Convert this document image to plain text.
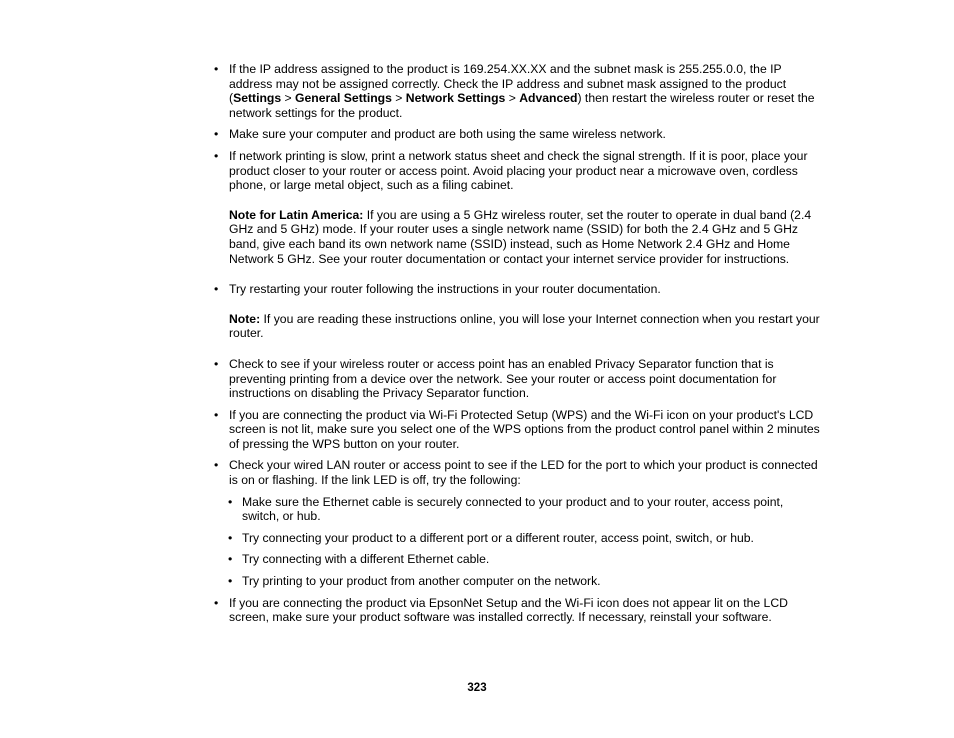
• If the IP address assigned to the product is 169.254.XX.XX and the subnet mask is 255.255.0.0, the IP address may not be assigned correctly. Check the IP address and subnet mask assigned to the product (Settings > General Settings > Network Settings > Advanced) then restart the wireless router or reset the network settings for the product.
• Make sure your computer and product are both using the same wireless network.
• If network printing is slow, print a network status sheet and check the signal strength. If it is poor, place your product closer to your router or access point. Avoid placing your product near a microwave oven, cordless phone, or large metal object, such as a filing cabinet.
Note for Latin America: If you are using a 5 GHz wireless router, set the router to operate in dual band (2.4 GHz and 5 GHz) mode. If your router uses a single network name (SSID) for both the 2.4 GHz and 5 GHz band, give each band its own network name (SSID) instead, such as Home Network 2.4 GHz and Home Network 5 GHz. See your router documentation or contact your internet service provider for instructions.
• Try restarting your router following the instructions in your router documentation.
Note: If you are reading these instructions online, you will lose your Internet connection when you restart your router.
• Check to see if your wireless router or access point has an enabled Privacy Separator function that is preventing printing from a device over the network. See your router or access point documentation for instructions on disabling the Privacy Separator function.
• If you are connecting the product via Wi-Fi Protected Setup (WPS) and the Wi-Fi icon on your product's LCD screen is not lit, make sure you select one of the WPS options from the product control panel within 2 minutes of pressing the WPS button on your router.
• Check your wired LAN router or access point to see if the LED for the port to which your product is connected is on or flashing. If the link LED is off, try the following:
• Make sure the Ethernet cable is securely connected to your product and to your router, access point, switch, or hub.
• Try connecting your product to a different port or a different router, access point, switch, or hub.
• Try connecting with a different Ethernet cable.
• Try printing to your product from another computer on the network.
• If you are connecting the product via EpsonNet Setup and the Wi-Fi icon does not appear lit on the LCD screen, make sure your product software was installed correctly. If necessary, reinstall your software.
323
